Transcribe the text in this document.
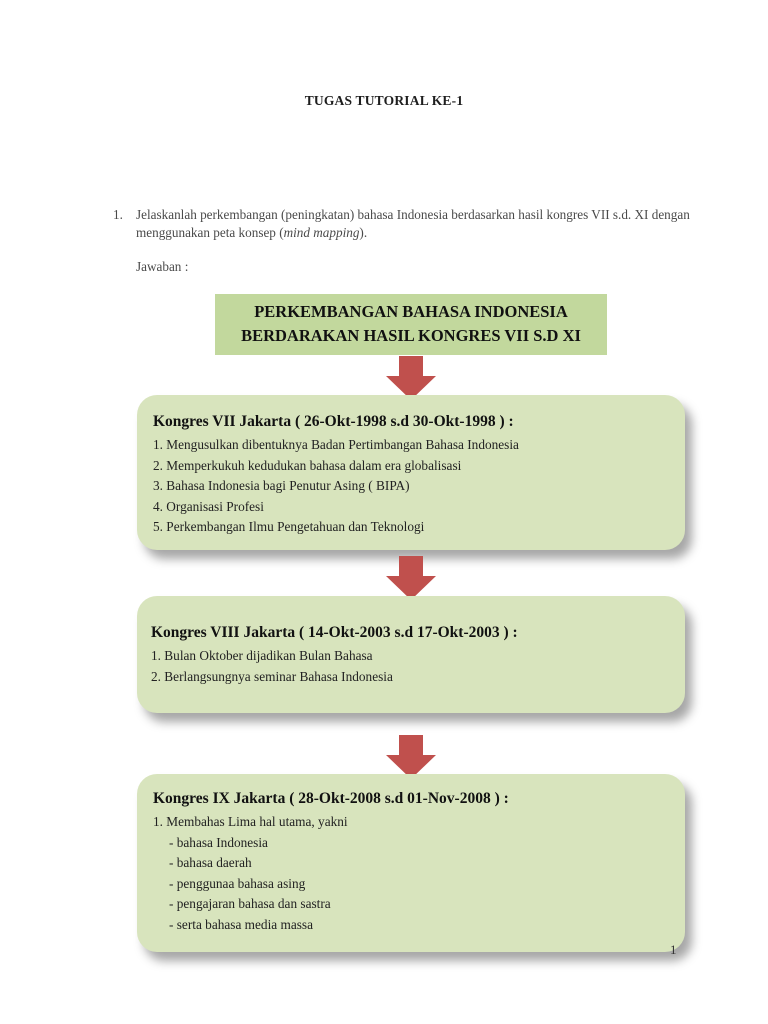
TUGAS TUTORIAL KE-1
1. Jelaskanlah perkembangan (peningkatan) bahasa Indonesia berdasarkan hasil kongres VII s.d. XI dengan menggunakan peta konsep (mind mapping).
Jawaban :
PERKEMBANGAN BAHASA INDONESIA
BERDARAKAN HASIL KONGRES VII S.D XI
Kongres VII Jakarta ( 26-Okt-1998 s.d 30-Okt-1998 ) :
1. Mengusulkan dibentuknya Badan Pertimbangan Bahasa Indonesia
2. Memperkukuh kedudukan bahasa dalam era globalisasi
3. Bahasa Indonesia bagi Penutur Asing ( BIPA)
4. Organisasi Profesi
5. Perkembangan Ilmu Pengetahuan dan Teknologi
Kongres VIII Jakarta ( 14-Okt-2003 s.d 17-Okt-2003 ) :
1. Bulan Oktober dijadikan Bulan Bahasa
2. Berlangsungnya seminar Bahasa Indonesia
Kongres IX Jakarta ( 28-Okt-2008 s.d 01-Nov-2008 ) :
1. Membahas Lima hal utama, yakni
- bahasa Indonesia
- bahasa daerah
- penggunaa bahasa asing
- pengajaran bahasa dan sastra
- serta bahasa media massa
1
